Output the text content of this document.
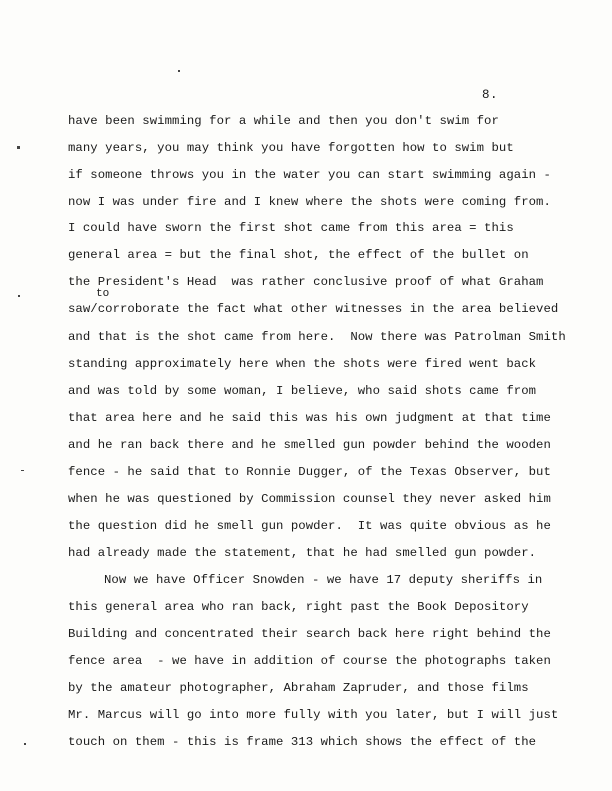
8.
to
have been swimming for a while and then you don't swim for
many years, you may think you have forgotten how to swim but
if someone throws you in the water you can start swimming again -
now I was under fire and I knew where the shots were coming from.
I could have sworn the first shot came from this area = this
general area = but the final shot, the effect of the bullet on
the President's Head  was rather conclusive proof of what Graham
saw/corroborate the fact what other witnesses in the area believed
and that is the shot came from here.  Now there was Patrolman Smith
standing approximately here when the shots were fired went back
and was told by some woman, I believe, who said shots came from
that area here and he said this was his own judgment at that time
and he ran back there and he smelled gun powder behind the wooden
fence - he said that to Ronnie Dugger, of the Texas Observer, but
when he was questioned by Commission counsel they never asked him
the question did he smell gun powder.  It was quite obvious as he
had already made the statement, that he had smelled gun powder.
Now we have Officer Snowden - we have 17 deputy sheriffs in
this general area who ran back, right past the Book Depository
Building and concentrated their search back here right behind the
fence area  - we have in addition of course the photographs taken
by the amateur photographer, Abraham Zapruder, and those films
Mr. Marcus will go into more fully with you later, but I will just
touch on them - this is frame 313 which shows the effect of the
